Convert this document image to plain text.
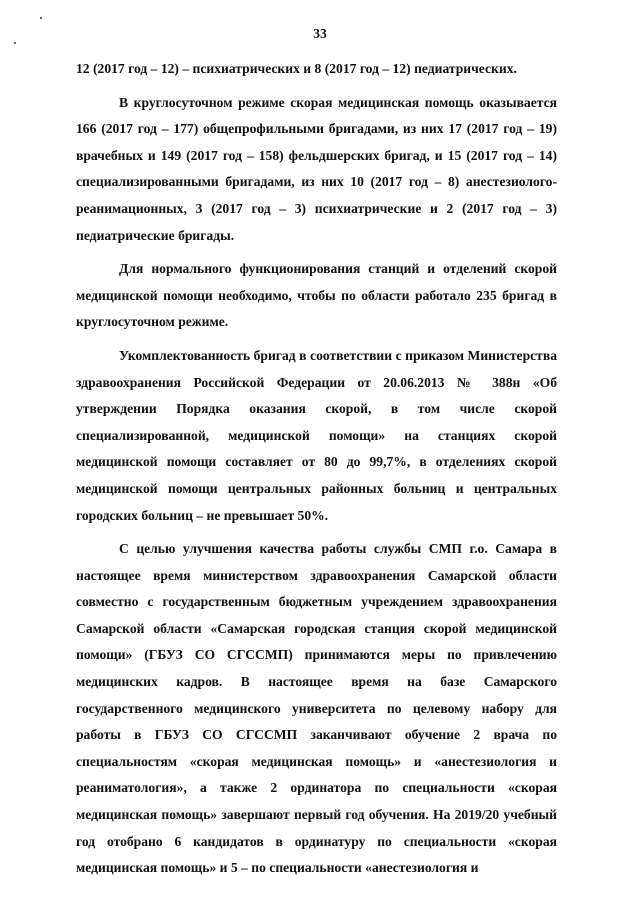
33

12 (2017 год – 12) – психиатрических и 8 (2017 год – 12) педиатрических.

В круглосуточном режиме скорая медицинская помощь оказывается 166 (2017 год – 177) общепрофильными бригадами, из них 17 (2017 год – 19) врачебных и 149 (2017 год – 158) фельдшерских бригад, и 15 (2017 год – 14) специализированными бригадами, из них 10 (2017 год – 8) анестезиолого-реанимационных, 3 (2017 год – 3) психиатрические и 2 (2017 год – 3) педиатрические бригады.

Для нормального функционирования станций и отделений скорой медицинской помощи необходимо, чтобы по области работало 235 бригад в круглосуточном режиме.

Укомплектованность бригад в соответствии с приказом Министерства здравоохранения Российской Федерации от 20.06.2013 № 388н «Об утверждении Порядка оказания скорой, в том числе скорой специализированной, медицинской помощи» на станциях скорой медицинской помощи составляет от 80 до 99,7%, в отделениях скорой медицинской помощи центральных районных больниц и центральных городских больниц – не превышает 50%.

С целью улучшения качества работы службы СМП г.о. Самара в настоящее время министерством здравоохранения Самарской области совместно с государственным бюджетным учреждением здравоохранения Самарской области «Самарская городская станция скорой медицинской помощи» (ГБУЗ СО СГССМП) принимаются меры по привлечению медицинских кадров. В настоящее время на базе Самарского государственного медицинского университета по целевому набору для работы в ГБУЗ СО СГССМП заканчивают обучение 2 врача по специальностям «скорая медицинская помощь» и «анестезиология и реаниматология», а также 2 ординатора по специальности «скорая медицинская помощь» завершают первый год обучения. На 2019/20 учебный год отобрано 6 кандидатов в ординатуру по специальности «скорая медицинская помощь» и 5 – по специальности «анестезиология и
